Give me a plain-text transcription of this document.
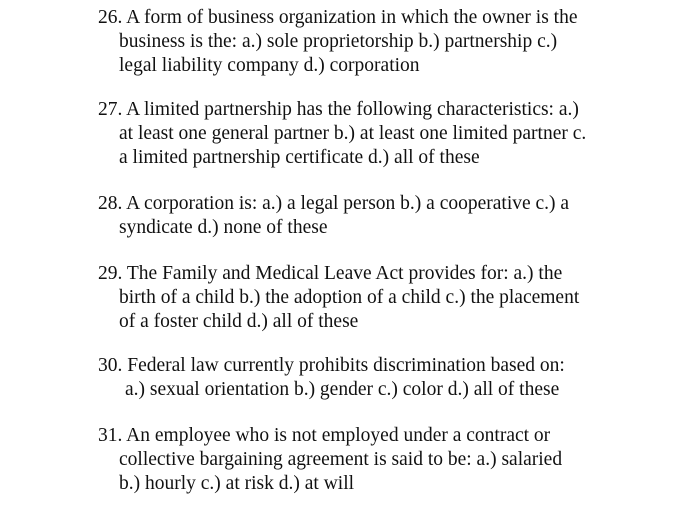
26. A form of business organization in which the owner is the
business is the: a.) sole proprietorship b.) partnership c.)
legal liability company d.) corporation
27. A limited partnership has the following characteristics: a.)
at least one general partner b.) at least one limited partner c.
a limited partnership certificate d.) all of these
28. A corporation is: a.) a legal person b.) a cooperative c.) a
syndicate d.) none of these
29. The Family and Medical Leave Act provides for: a.) the
birth of a child b.) the adoption of a child c.) the placement
of a foster child d.) all of these
30. Federal law currently prohibits discrimination based on:
a.) sexual orientation b.) gender c.) color d.) all of these
31. An employee who is not employed under a contract or
collective bargaining agreement is said to be: a.) salaried
b.) hourly c.) at risk d.) at will
